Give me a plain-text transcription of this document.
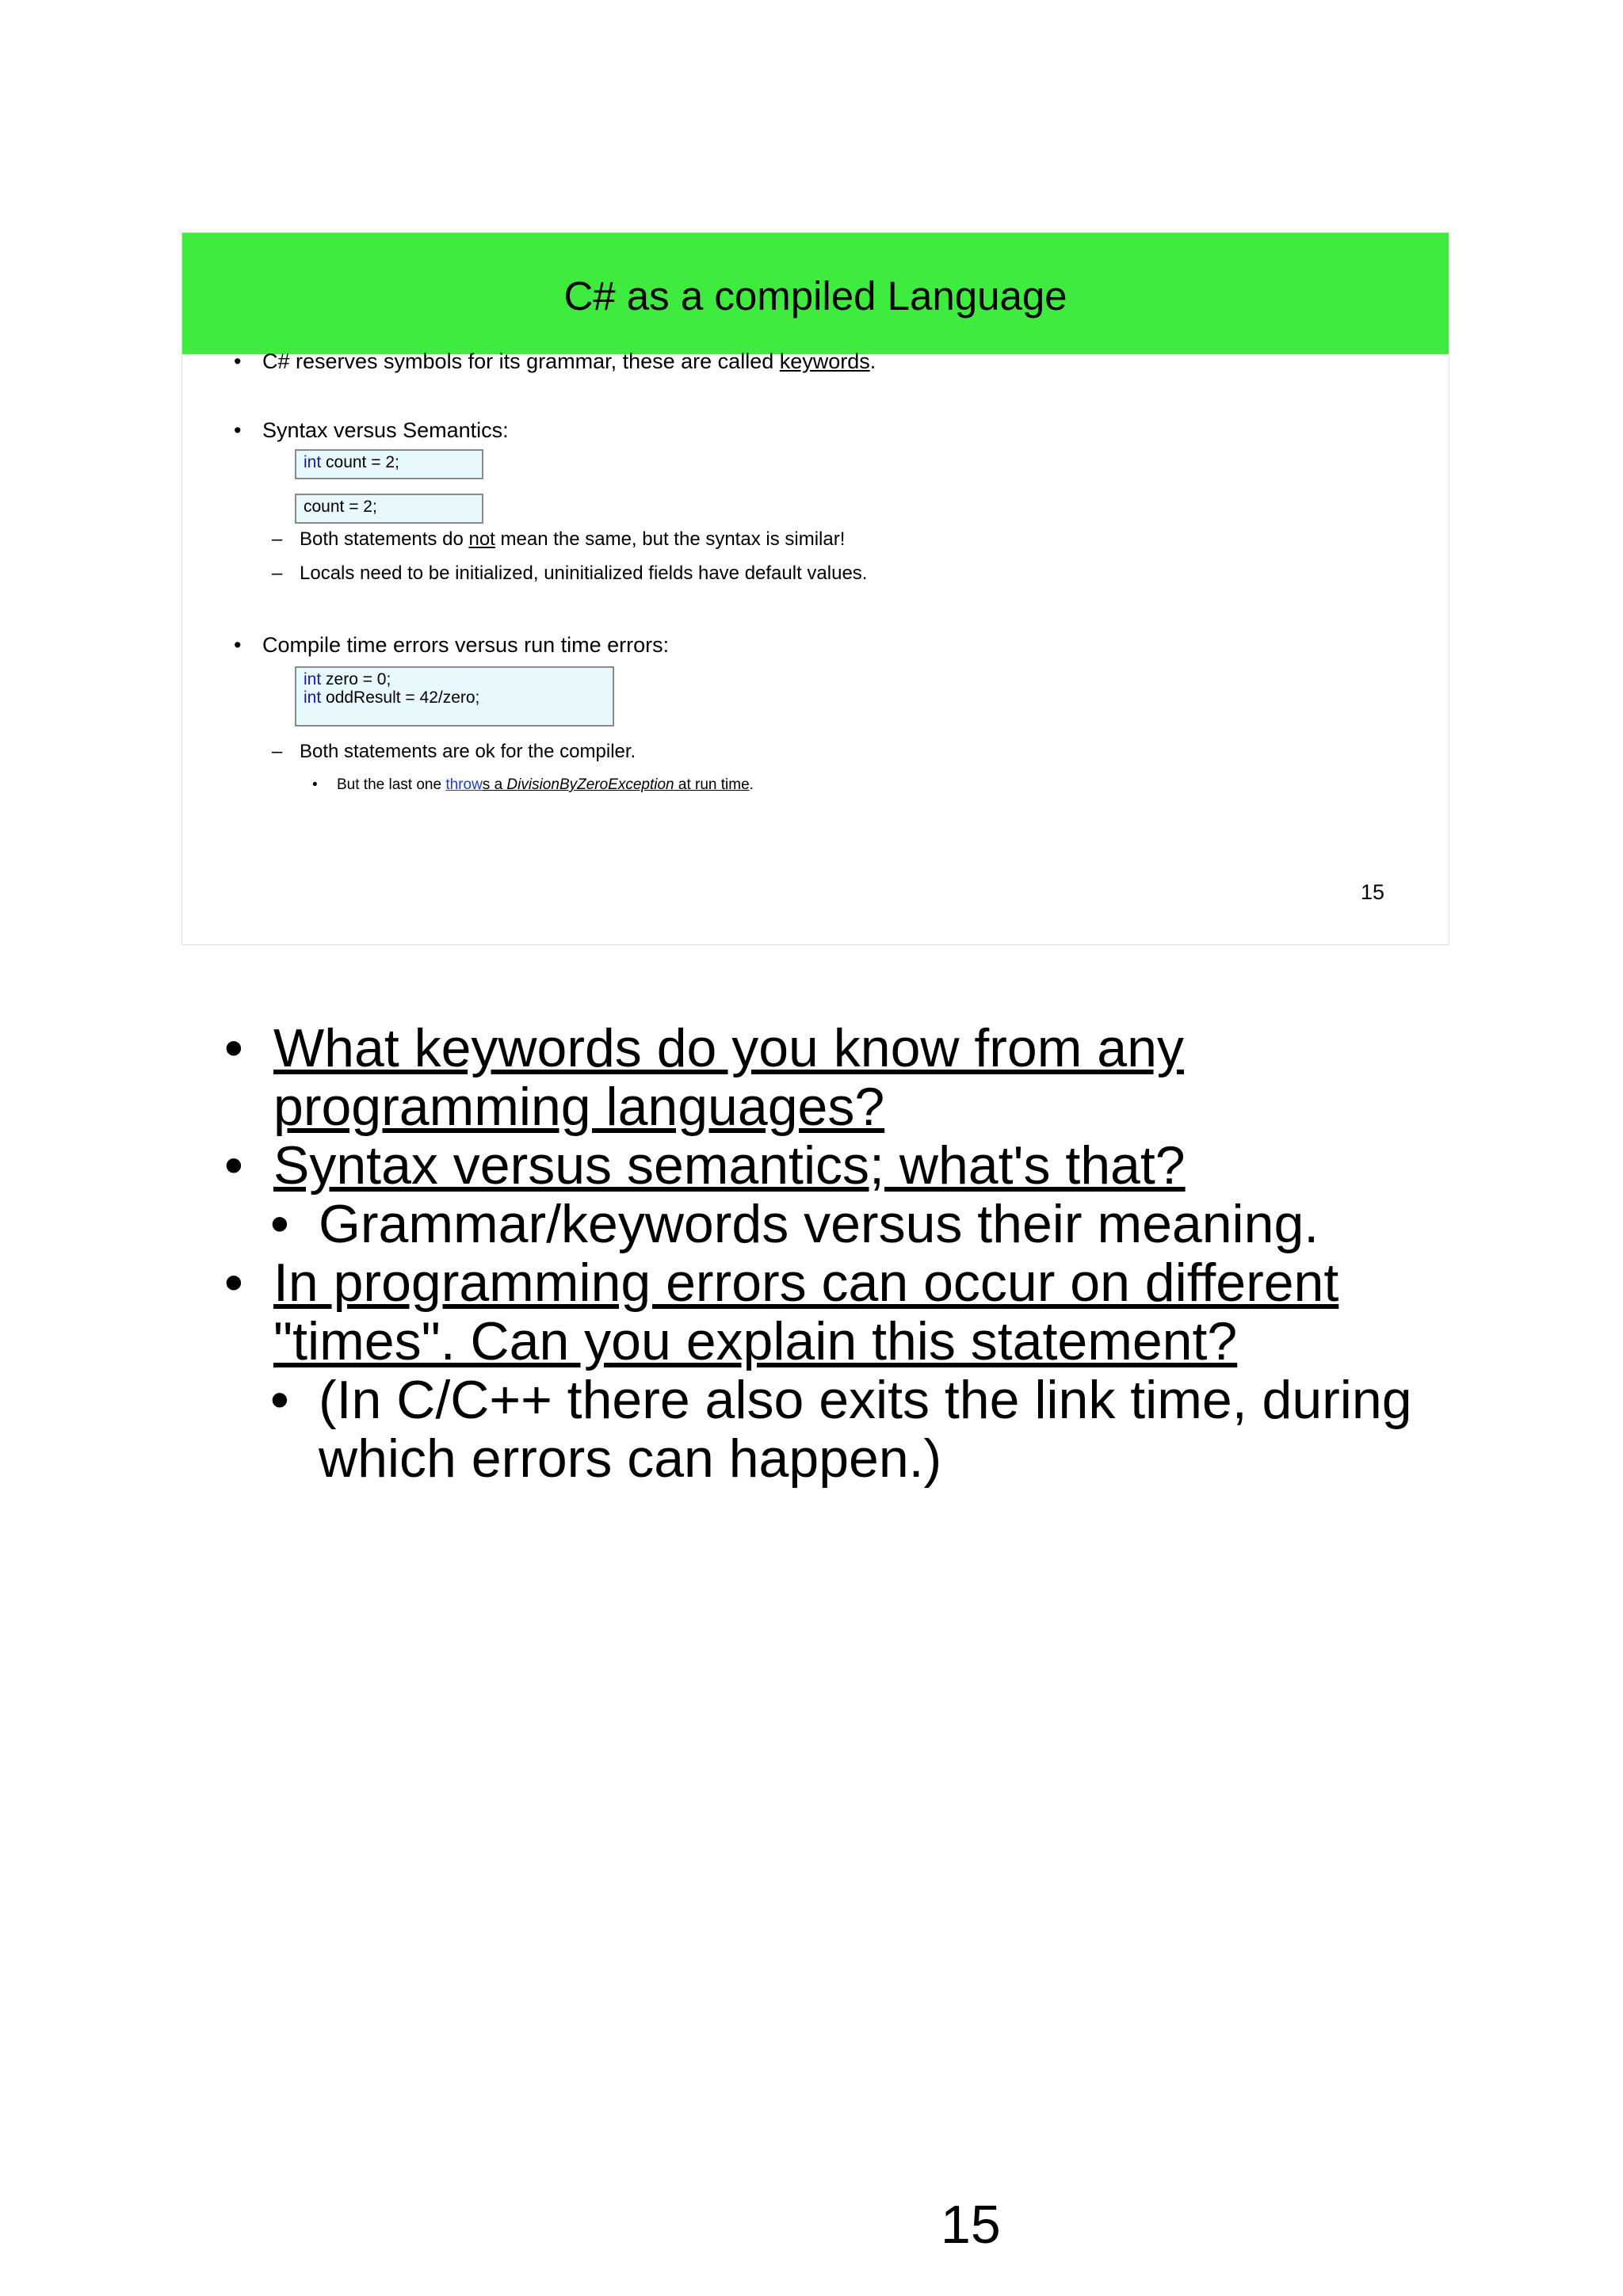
C# as a compiled Language
• C# reserves symbols for its grammar, these are called keywords.
• Syntax versus Semantics:
int count = 2;
count = 2;
– Both statements do not mean the same, but the syntax is similar!
– Locals need to be initialized, uninitialized fields have default values.
• Compile time errors versus run time errors:
int zero = 0;
int oddResult = 42/zero;
– Both statements are ok for the compiler.
• But the last one throws a DivisionByZeroException at run time.
15
• What keywords do you know from any
programming languages?
• Syntax versus semantics; what's that?
• Grammar/keywords versus their meaning.
• In programming errors can occur on different
"times". Can you explain this statement?
• (In C/C++ there also exits the link time, during
which errors can happen.)
15
